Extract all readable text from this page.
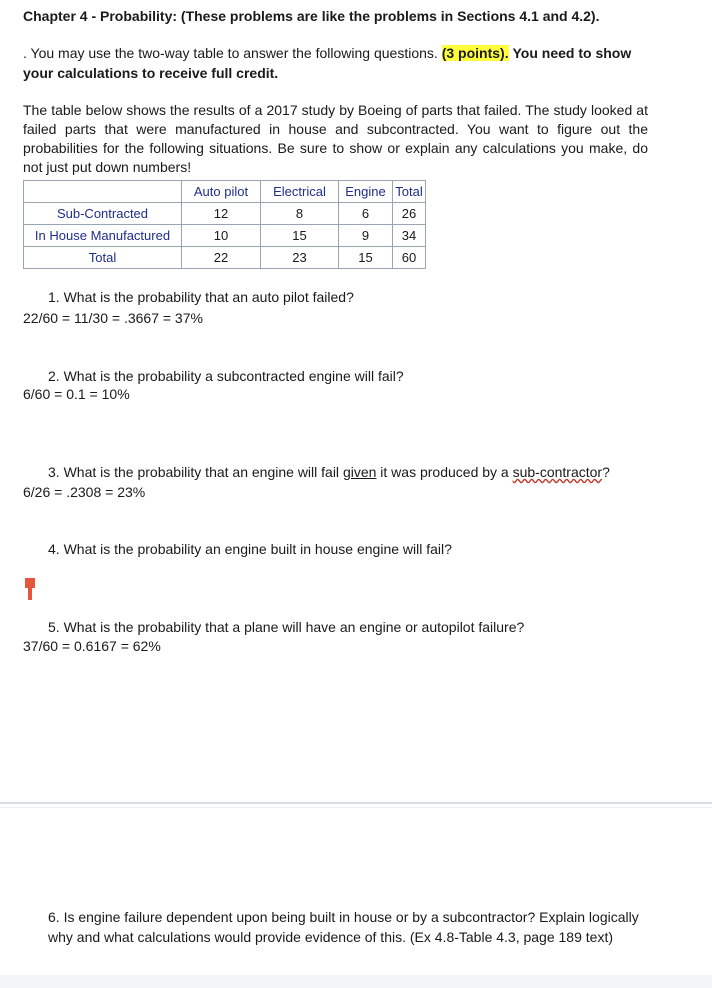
Chapter 4 - Probability: (These problems are like the problems in Sections 4.1 and 4.2).
. You may use the two-way table to answer the following questions. (3 points). You need to show your calculations to receive full credit.
The table below shows the results of a 2017 study by Boeing of parts that failed. The study looked at failed parts that were manufactured in house and subcontracted. You want to figure out the probabilities for the following situations. Be sure to show or explain any calculations you make, do not just put down numbers!
	Auto pilot	Electrical	Engine	Total
Sub-Contracted	12	8	6	26
In House Manufactured	10	15	9	34
Total	22	23	15	60
1. What is the probability that an auto pilot failed?
22/60 = 11/30 = .3667 = 37%
2. What is the probability a subcontracted engine will fail?
6/60 = 0.1 = 10%
3. What is the probability that an engine will fail given it was produced by a sub-contractor?
6/26 = .2308 = 23%
4. What is the probability an engine built in house engine will fail?
5. What is the probability that a plane will have an engine or autopilot failure?
37/60 = 0.6167 = 62%
6. Is engine failure dependent upon being built in house or by a subcontractor? Explain logically why and what calculations would provide evidence of this. (Ex 4.8-Table 4.3, page 189 text)
